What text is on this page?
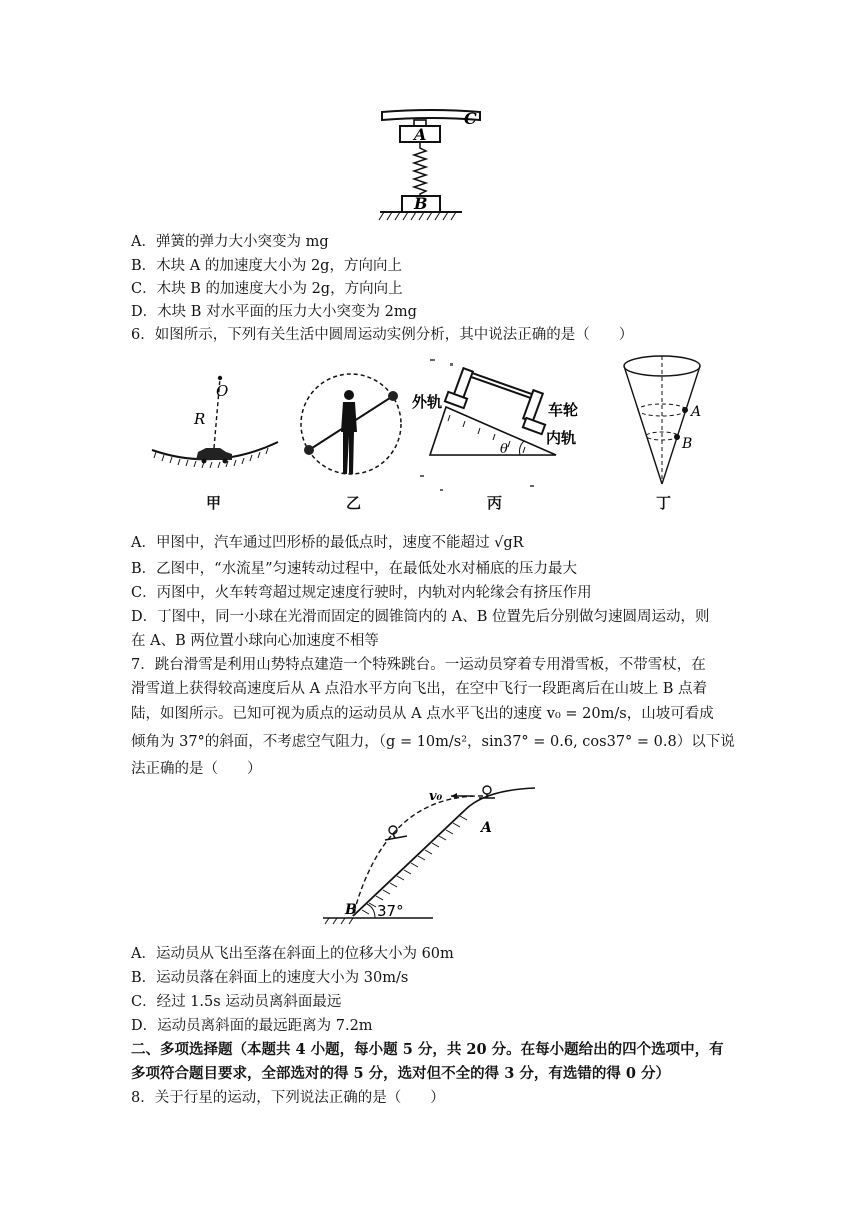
C
A
B
A．弹簧的弹力大小突变为 mg
B．木块 A 的加速度大小为 2g，方向向上
C．木块 B 的加速度大小为 2g，方向向上
D．木块 B 对水平面的压力大小突变为 2mg
6．如图所示，下列有关生活中圆周运动实例分析，其中说法正确的是（　　）
O
R
甲	乙
外轨	车轮
内轨
θ
丙
A
B
丁
A．甲图中，汽车通过凹形桥的最低点时，速度不能超过 √gR
B．乙图中，“水流星”匀速转动过程中，在最低处水对桶底的压力最大
C．丙图中，火车转弯超过规定速度行驶时，内轨对内轮缘会有挤压作用
D．丁图中，同一小球在光滑而固定的圆锥筒内的 A、B 位置先后分别做匀速圆周运动，则
在 A、B 两位置小球向心加速度不相等
7．跳台滑雪是利用山势特点建造一个特殊跳台。一运动员穿着专用滑雪板，不带雪杖，在
滑雪道上获得较高速度后从 A 点沿水平方向飞出，在空中飞行一段距离后在山坡上 B 点着
陆，如图所示。已知可视为质点的运动员从 A 点水平飞出的速度 v₀ = 20m/s，山坡可看成
倾角为 37°的斜面，不考虑空气阻力，（g = 10m/s²，sin37° = 0.6, cos37° = 0.8）以下说
法正确的是（　　）
v₀
A
B 37°
A．运动员从飞出至落在斜面上的位移大小为 60m
B．运动员落在斜面上的速度大小为 30m/s
C．经过 1.5s 运动员离斜面最远
D．运动员离斜面的最远距离为 7.2m
二、多项选择题（本题共 4 小题，每小题 5 分，共 20 分。在每小题给出的四个选项中，有
多项符合题目要求，全部选对的得 5 分，选对但不全的得 3 分，有选错的得 0 分）
8．关于行星的运动，下列说法正确的是（　　）
